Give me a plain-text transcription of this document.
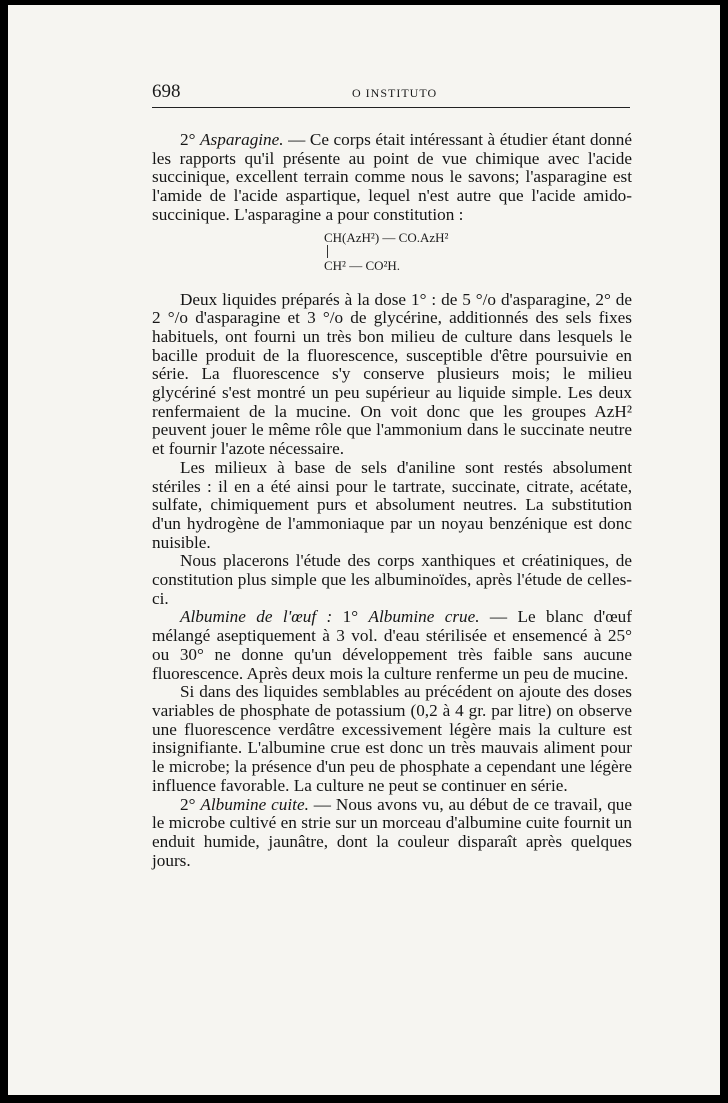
698	O INSTITUTO

2° Asparagine. — Ce corps était intéressant à étudier étant donné les rapports qu'il présente au point de vue chimique avec l'acide succinique, excellent terrain comme nous le savons; l'asparagine est l'amide de l'acide aspartique, lequel n'est autre que l'acide amido-succinique. L'asparagine a pour constitution :

CH(AzH²) — CO.AzH²
CH² — CO²H.

Deux liquides préparés à la dose 1° : de 5 °/o d'asparagine, 2° de 2 °/o d'asparagine et 3 °/o de glycérine, additionnés des sels fixes habituels, ont fourni un très bon milieu de culture dans lesquels le bacille produit de la fluorescence, susceptible d'être poursuivie en série. La fluorescence s'y conserve plusieurs mois; le milieu glycériné s'est montré un peu supérieur au liquide simple. Les deux renfermaient de la mucine. On voit donc que les groupes AzH² peuvent jouer le même rôle que l'ammonium dans le succinate neutre et fournir l'azote nécessaire.

Les milieux à base de sels d'aniline sont restés absolument stériles : il en a été ainsi pour le tartrate, succinate, citrate, acétate, sulfate, chimiquement purs et absolument neutres. La substitution d'un hydrogène de l'ammoniaque par un noyau benzénique est donc nuisible.

Nous placerons l'étude des corps xanthiques et créatiniques, de constitution plus simple que les albuminoïdes, après l'étude de celles-ci.

Albumine de l'œuf : 1° Albumine crue. — Le blanc d'œuf mélangé aseptiquement à 3 vol. d'eau stérilisée et ensemencé à 25° ou 30° ne donne qu'un développement très faible sans aucune fluorescence. Après deux mois la culture renferme un peu de mucine.

Si dans des liquides semblables au précédent on ajoute des doses variables de phosphate de potassium (0,2 à 4 gr. par litre) on observe une fluorescence verdâtre excessivement légère mais la culture est insignifiante. L'albumine crue est donc un très mauvais aliment pour le microbe; la présence d'un peu de phosphate a cependant une légère influence favorable. La culture ne peut se continuer en série.

2° Albumine cuite. — Nous avons vu, au début de ce travail, que le microbe cultivé en strie sur un morceau d'albumine cuite fournit un enduit humide, jaunâtre, dont la couleur disparaît après quelques jours.
